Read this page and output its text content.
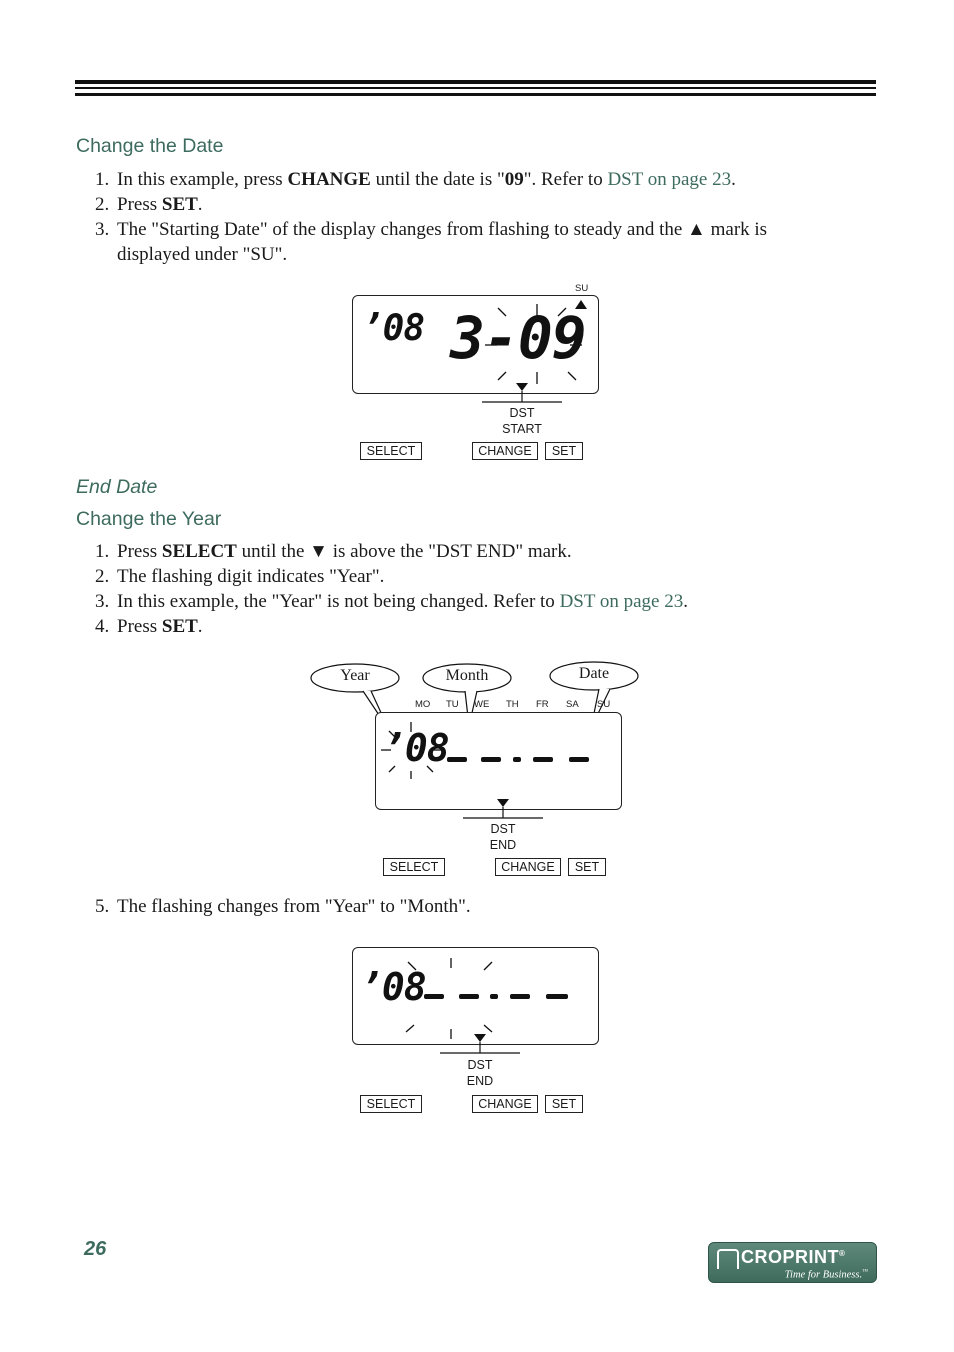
Change the Date
1. In this example, press CHANGE until the date is "09". Refer to DST on page 23.
2. Press SET.
3. The "Starting Date" of the display changes from flashing to steady and the ▲ mark is displayed under "SU".
SU
’08 3-09
DST
START
SELECT	CHANGE	SET
End Date
Change the Year
1. Press SELECT until the ▼ is above the "DST END" mark.
2. The flashing digit indicates "Year".
3. In this example, the "Year" is not being changed. Refer to DST on page 23.
4. Press SET.
Year	Month	Date
MO TU WE TH FR SA SU
’08
DST
END
SELECT	CHANGE	SET
5. The flashing changes from "Year" to "Month".
’08
DST
END
SELECT	CHANGE	SET
26	CROPRINT®
Time for Business.™
